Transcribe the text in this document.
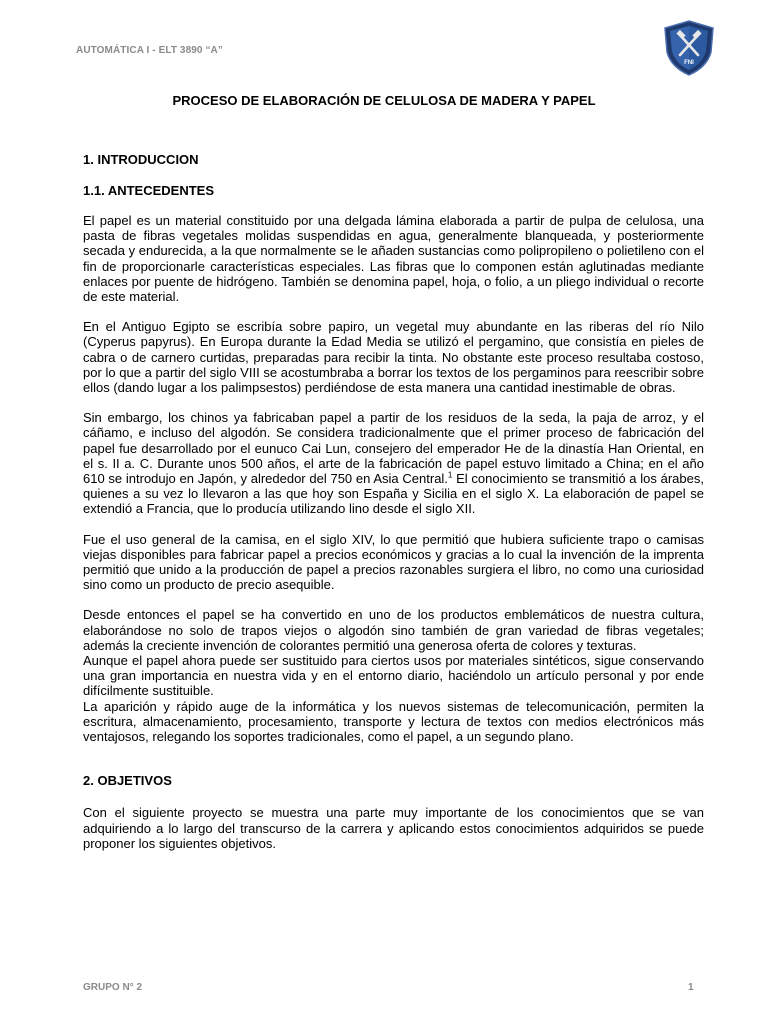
AUTOMÁTICA I - ELT 3890 “A”
FNI
PROCESO DE ELABORACIÓN DE CELULOSA DE MADERA Y PAPEL

1. INTRODUCCION

1.1. ANTECEDENTES

El papel es un material constituido por una delgada lámina elaborada a partir de pulpa de celulosa, una pasta de fibras vegetales molidas suspendidas en agua, generalmente blanqueada, y posteriormente secada y endurecida, a la que normalmente se le añaden sustancias como polipropileno o polietileno con el fin de proporcionarle características especiales. Las fibras que lo componen están aglutinadas mediante enlaces por puente de hidrógeno. También se denomina papel, hoja, o folio, a un pliego individual o recorte de este material.

En el Antiguo Egipto se escribía sobre papiro, un vegetal muy abundante en las riberas del río Nilo (Cyperus papyrus). En Europa durante la Edad Media se utilizó el pergamino, que consistía en pieles de cabra o de carnero curtidas, preparadas para recibir la tinta. No obstante este proceso resultaba costoso, por lo que a partir del siglo VIII se acostumbraba a borrar los textos de los pergaminos para reescribir sobre ellos (dando lugar a los palimpsestos) perdiéndose de esta manera una cantidad inestimable de obras.

Sin embargo, los chinos ya fabricaban papel a partir de los residuos de la seda, la paja de arroz, y el cáñamo, e incluso del algodón. Se considera tradicionalmente que el primer proceso de fabricación del papel fue desarrollado por el eunuco Cai Lun, consejero del emperador He de la dinastía Han Oriental, en el s. II a. C. Durante unos 500 años, el arte de la fabricación de papel estuvo limitado a China; en el año 610 se introdujo en Japón, y alrededor del 750 en Asia Central.$^1$ El conocimiento se transmitió a los árabes, quienes a su vez lo llevaron a las que hoy son España y Sicilia en el siglo X. La elaboración de papel se extendió a Francia, que lo producía utilizando lino desde el siglo XII.

Fue el uso general de la camisa, en el siglo XIV, lo que permitió que hubiera suficiente trapo o camisas viejas disponibles para fabricar papel a precios económicos y gracias a lo cual la invención de la imprenta permitió que unido a la producción de papel a precios razonables surgiera el libro, no como una curiosidad sino como un producto de precio asequible.

Desde entonces el papel se ha convertido en uno de los productos emblemáticos de nuestra cultura, elaborándose no solo de trapos viejos o algodón sino también de gran variedad de fibras vegetales; además la creciente invención de colorantes permitió una generosa oferta de colores y texturas.

Aunque el papel ahora puede ser sustituido para ciertos usos por materiales sintéticos, sigue conservando una gran importancia en nuestra vida y en el entorno diario, haciéndolo un artículo personal y por ende difícilmente sustituible.

La aparición y rápido auge de la informática y los nuevos sistemas de telecomunicación, permiten la escritura, almacenamiento, procesamiento, transporte y lectura de textos con medios electrónicos más ventajosos, relegando los soportes tradicionales, como el papel, a un segundo plano.

2. OBJETIVOS

Con el siguiente proyecto se muestra una parte muy importante de los conocimientos que se van adquiriendo a lo largo del transcurso de la carrera y aplicando estos conocimientos adquiridos se puede proponer los siguientes objetivos.

GRUPO N° 2	1
